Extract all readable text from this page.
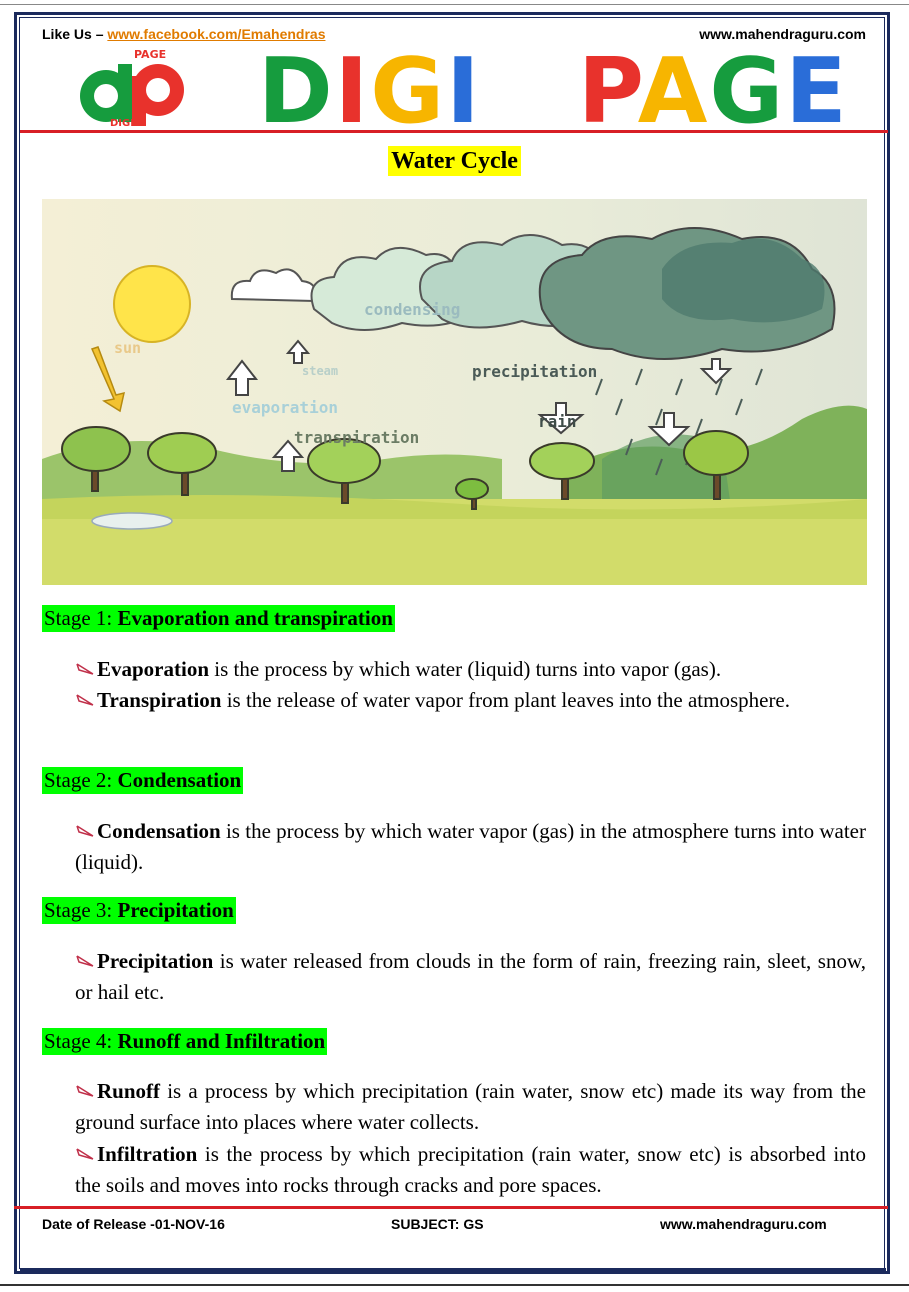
Like Us – www.facebook.com/Emahendras	www.mahendraguru.com
PAGE
DIGI DIGI PAGE
Water Cycle
sun
condensing
steam
evaporation
transpiration
precipitation
rain
Stage 1: Evaporation and transpiration
Evaporation is the process by which water (liquid) turns into vapor (gas).
Transpiration is the release of water vapor from plant leaves into the atmosphere.
Stage 2: Condensation
Condensation is the process by which water vapor (gas) in the atmosphere turns into water (liquid).
Stage 3: Precipitation
Precipitation is water released from clouds in the form of rain, freezing rain, sleet, snow, or hail etc.
Stage 4: Runoff and Infiltration
Runoff is a process by which precipitation (rain water, snow etc) made its way from the ground surface into places where water collects.
Infiltration is the process by which precipitation (rain water, snow etc) is absorbed into the soils and moves into rocks through cracks and pore spaces.
Date of Release -01-NOV-16	SUBJECT: GS	www.mahendraguru.com
